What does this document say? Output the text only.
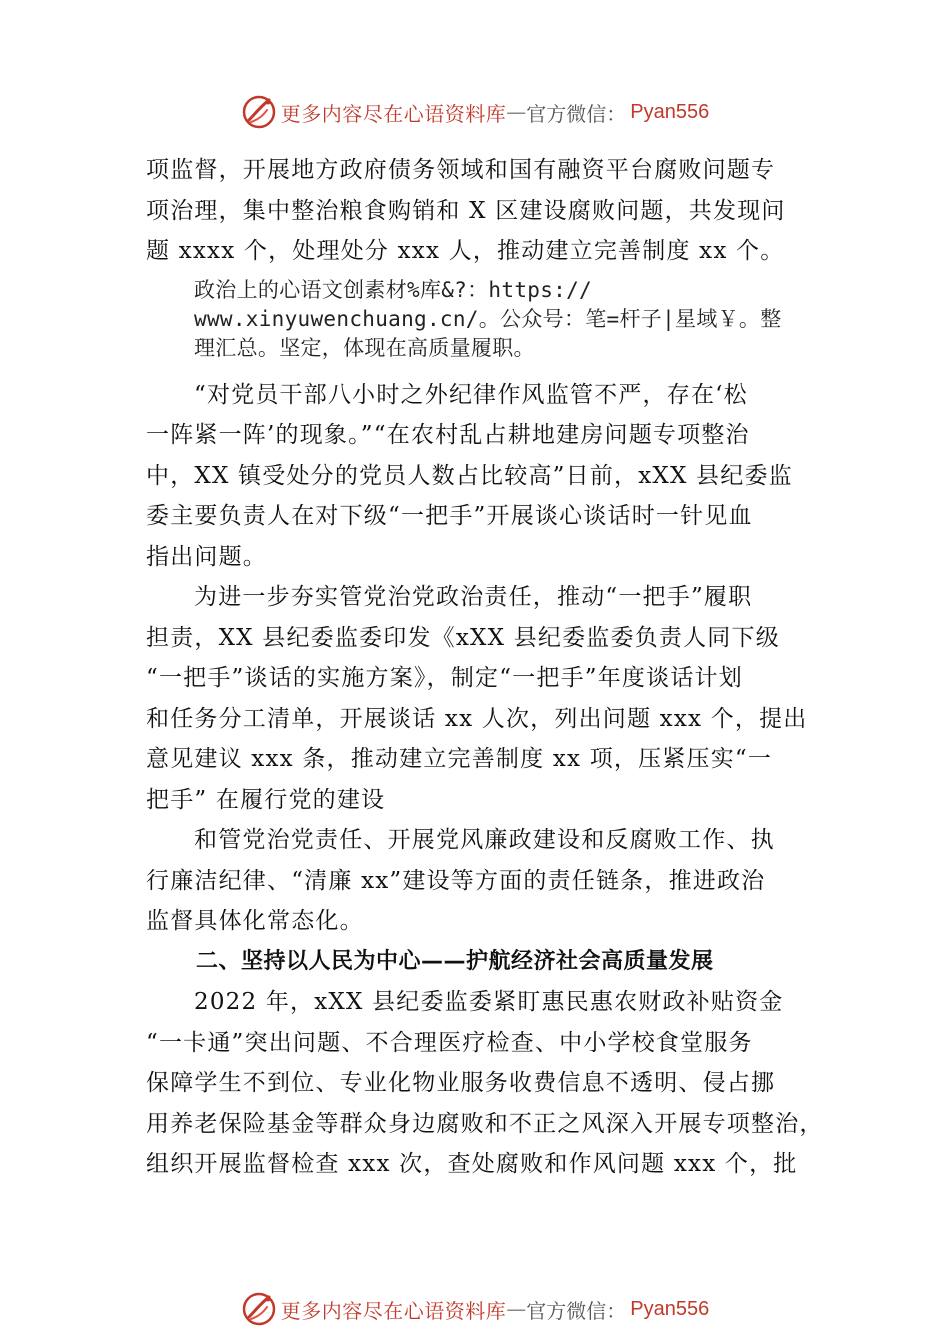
更多内容尽在心语资料库 — 官方微信： Pyan556
项监督，开展地方政府债务领域和国有融资平台腐败问题专
项治理，集中整治粮食购销和 X 区建设腐败问题，共发现问
题 xxxx 个，处理处分 xxx 人，推动建立完善制度 xx 个。
政治上的心语文创素材%库&?：https://
www.xinyuwenchuang.cn/。公众号：笔=杆子|星域￥。整
理汇总。坚定，体现在高质量履职。
“对党员干部八小时之外纪律作风监管不严，存在‘松
一阵紧一阵’的现象。”“在农村乱占耕地建房问题专项整治
中，XX 镇受处分的党员人数占比较高”日前，xXX 县纪委监
委主要负责人在对下级“一把手”开展谈心谈话时一针见血
指出问题。
为进一步夯实管党治党政治责任，推动“一把手”履职
担责，XX 县纪委监委印发《xXX 县纪委监委负责人同下级
“一把手”谈话的实施方案》，制定“一把手”年度谈话计划
和任务分工清单，开展谈话 xx 人次，列出问题 xxx 个，提出
意见建议 xxx 条，推动建立完善制度 xx 项，压紧压实“一
把手” 在履行党的建设
和管党治党责任、开展党风廉政建设和反腐败工作、执
行廉洁纪律、“清廉 xx”建设等方面的责任链条，推进政治
监督具体化常态化。
二、坚持以人民为中心——护航经济社会高质量发展
2022 年，xXX 县纪委监委紧盯惠民惠农财政补贴资金
“一卡通”突出问题、不合理医疗检查、中小学校食堂服务
保障学生不到位、专业化物业服务收费信息不透明、侵占挪
用养老保险基金等群众身边腐败和不正之风深入开展专项整治，
组织开展监督检查 xxx 次，查处腐败和作风问题 xxx 个，批
更多内容尽在心语资料库 — 官方微信： Pyan556
